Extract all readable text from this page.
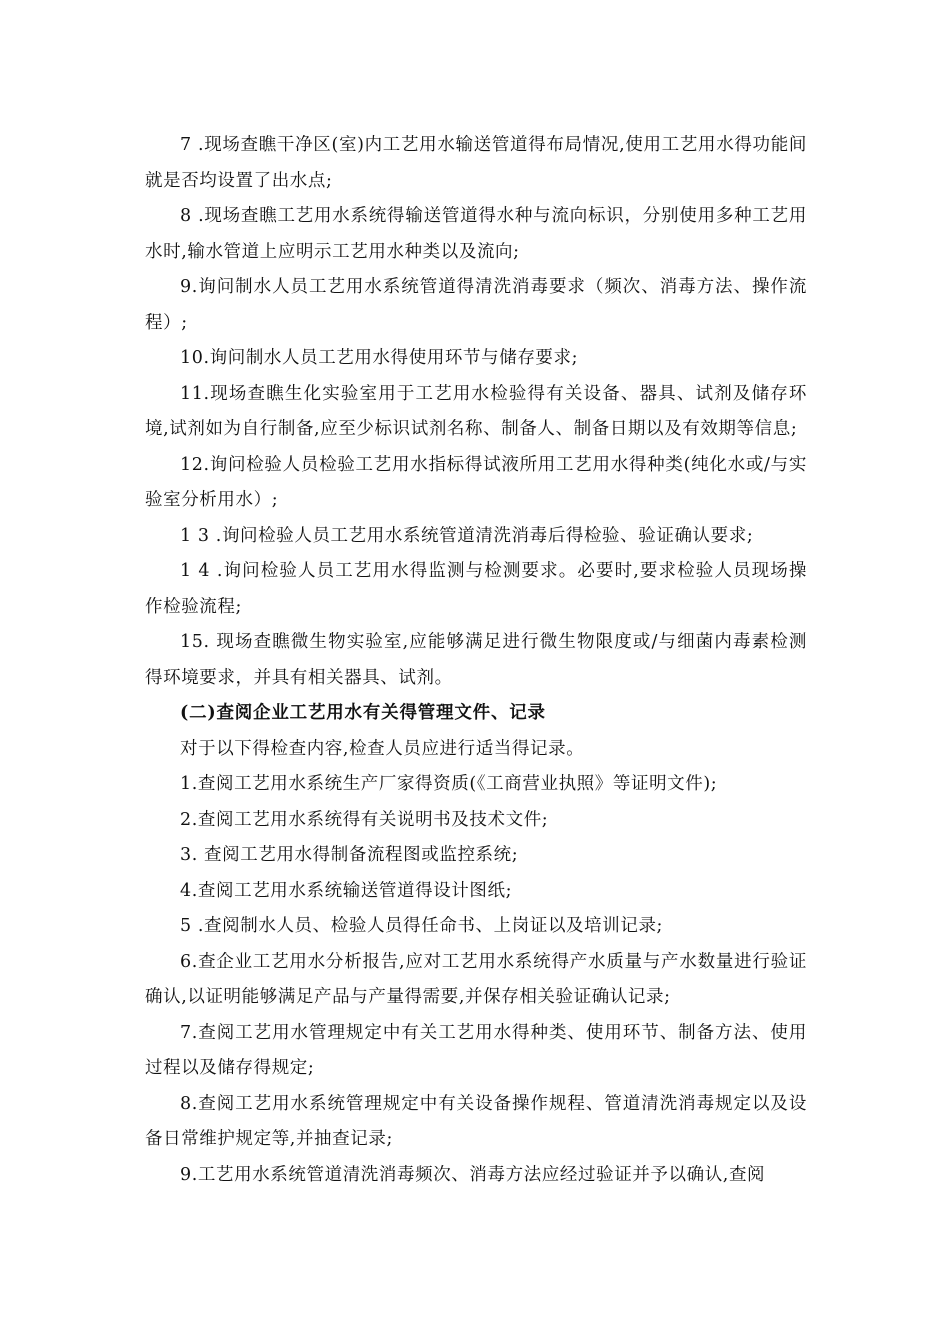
7 .现场查瞧干净区(室)内工艺用水输送管道得布局情况,使用工艺用水得功能间就是否均设置了出水点;

8 .现场查瞧工艺用水系统得输送管道得水种与流向标识，分别使用多种工艺用水时,输水管道上应明示工艺用水种类以及流向;

9.询问制水人员工艺用水系统管道得清洗消毒要求（频次、消毒方法、操作流程）;

10.询问制水人员工艺用水得使用环节与储存要求;

11.现场查瞧生化实验室用于工艺用水检验得有关设备、器具、试剂及储存环境,试剂如为自行制备,应至少标识试剂名称、制备人、制备日期以及有效期等信息;

12.询问检验人员检验工艺用水指标得试液所用工艺用水得种类(纯化水或/与实验室分析用水）;

1 3 .询问检验人员工艺用水系统管道清洗消毒后得检验、验证确认要求;

1 4 .询问检验人员工艺用水得监测与检测要求。必要时,要求检验人员现场操作检验流程;

15. 现场查瞧微生物实验室,应能够满足进行微生物限度或/与细菌内毒素检测得环境要求，并具有相关器具、试剂。

(二)查阅企业工艺用水有关得管理文件、记录

对于以下得检查内容,检查人员应进行适当得记录。

1.查阅工艺用水系统生产厂家得资质(《工商营业执照》等证明文件);

2.查阅工艺用水系统得有关说明书及技术文件;

3. 查阅工艺用水得制备流程图或监控系统;

4.查阅工艺用水系统输送管道得设计图纸;

5 .查阅制水人员、检验人员得任命书、上岗证以及培训记录;

6.查企业工艺用水分析报告,应对工艺用水系统得产水质量与产水数量进行验证确认,以证明能够满足产品与产量得需要,并保存相关验证确认记录;

7.查阅工艺用水管理规定中有关工艺用水得种类、使用环节、制备方法、使用过程以及储存得规定;

8.查阅工艺用水系统管理规定中有关设备操作规程、管道清洗消毒规定以及设备日常维护规定等,并抽查记录;

9.工艺用水系统管道清洗消毒频次、消毒方法应经过验证并予以确认,查阅
